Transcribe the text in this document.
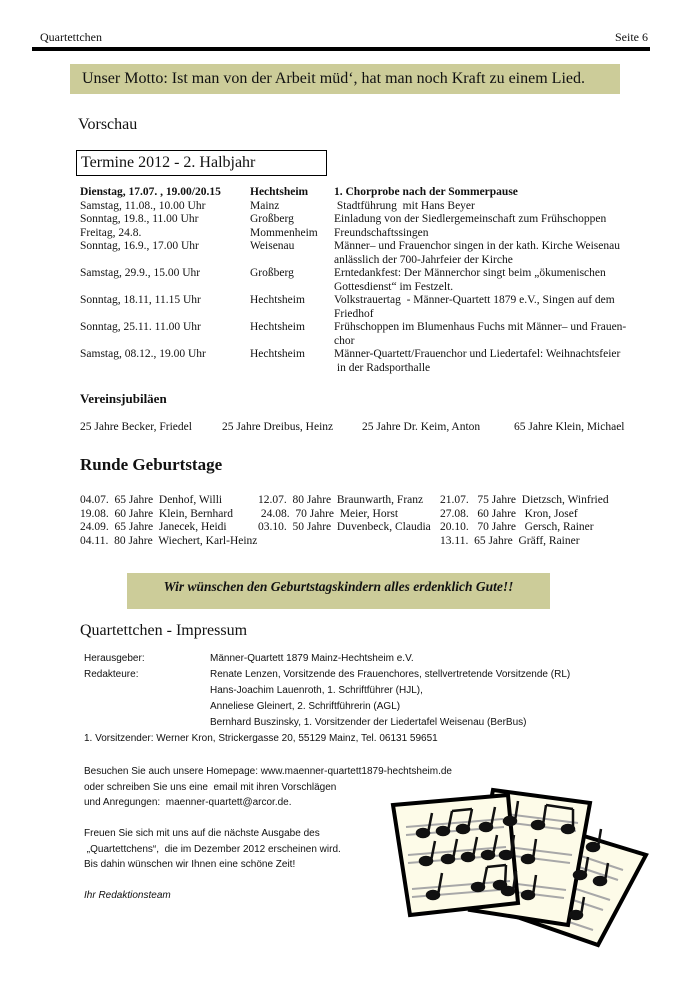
Quartettchen	Seite 6
Unser Motto: Ist man von der Arbeit müd‘, hat man noch Kraft zu einem Lied.
Vorschau
Termine 2012 - 2. Halbjahr
Dienstag, 17.07. , 19.00/20.15	Hechtsheim	1. Chorprobe nach der Sommerpause
Samstag, 11.08., 10.00 Uhr	Mainz	Stadtführung  mit Hans Beyer
Sonntag, 19.8., 11.00 Uhr	Großberg	Einladung von der Siedlergemeinschaft zum Frühschoppen
Freitag, 24.8.	Mommenheim	Freundschaftssingen
Sonntag, 16.9., 17.00 Uhr	Weisenau	Männer– und Frauenchor singen in der kath. Kirche Weisenau
anlässlich der 700-Jahrfeier der Kirche
Samstag, 29.9., 15.00 Uhr	Großberg	Erntedankfest: Der Männerchor singt beim „ökumenischen
Gottesdienst“ im Festzelt.
Sonntag, 18.11, 11.15 Uhr	Hechtsheim	Volkstrauertag  - Männer-Quartett 1879 e.V., Singen auf dem
Friedhof
Sonntag, 25.11. 11.00 Uhr	Hechtsheim	Frühschoppen im Blumenhaus Fuchs mit Männer– und Frauen-
chor
Samstag, 08.12., 19.00 Uhr	Hechtsheim	Männer-Quartett/Frauenchor und Liedertafel: Weihnachtsfeier
in der Radsporthalle
Vereinsjubiläen
25 Jahre Becker, Friedel	25 Jahre Dreibus, Heinz	25 Jahre Dr. Keim, Anton	65 Jahre Klein, Michael
Runde Geburtstage
04.07.  65 Jahre  Denhof, Willi
19.08.  60 Jahre  Klein, Bernhard
24.09.  65 Jahre  Janecek, Heidi
04.11.  80 Jahre  Wiechert, Karl-Heinz
12.07.  80 Jahre  Braunwarth, Franz
24.08.  70 Jahre  Meier, Horst
03.10.  50 Jahre  Duvenbeck, Claudia
21.07.   75 Jahre  Dietzsch, Winfried
27.08.   60 Jahre   Kron, Josef
20.10.   70 Jahre   Gersch, Rainer
13.11.  65 Jahre  Gräff, Rainer
Wir wünschen den Geburtstagskindern alles erdenklich Gute!!
Quartettchen - Impressum
Herausgeber:	Männer-Quartett 1879 Mainz-Hechtsheim e.V.
Redakteure:	Renate Lenzen, Vorsitzende des Frauenchores, stellvertretende Vorsitzende (RL)
Hans-Joachim Lauenroth, 1. Schriftführer (HJL),
Anneliese Gleinert, 2. Schriftführerin (AGL)
Bernhard Buszinsky, 1. Vorsitzender der Liedertafel Weisenau (BerBus)
1. Vorsitzender: Werner Kron, Strickergasse 20, 55129 Mainz, Tel. 06131 59651

Besuchen Sie auch unsere Homepage: www.maenner-quartett1879-hechtsheim.de

oder schreiben Sie uns eine  email mit ihren Vorschlägen

und Anregungen:  maenner-quartett@arcor.de.

Freuen Sie sich mit uns auf die nächste Ausgabe des

„Quartettchens“,  die im Dezember 2012 erscheinen wird.

Bis dahin wünschen wir Ihnen eine schöne Zeit!

Ihr Redaktionsteam
